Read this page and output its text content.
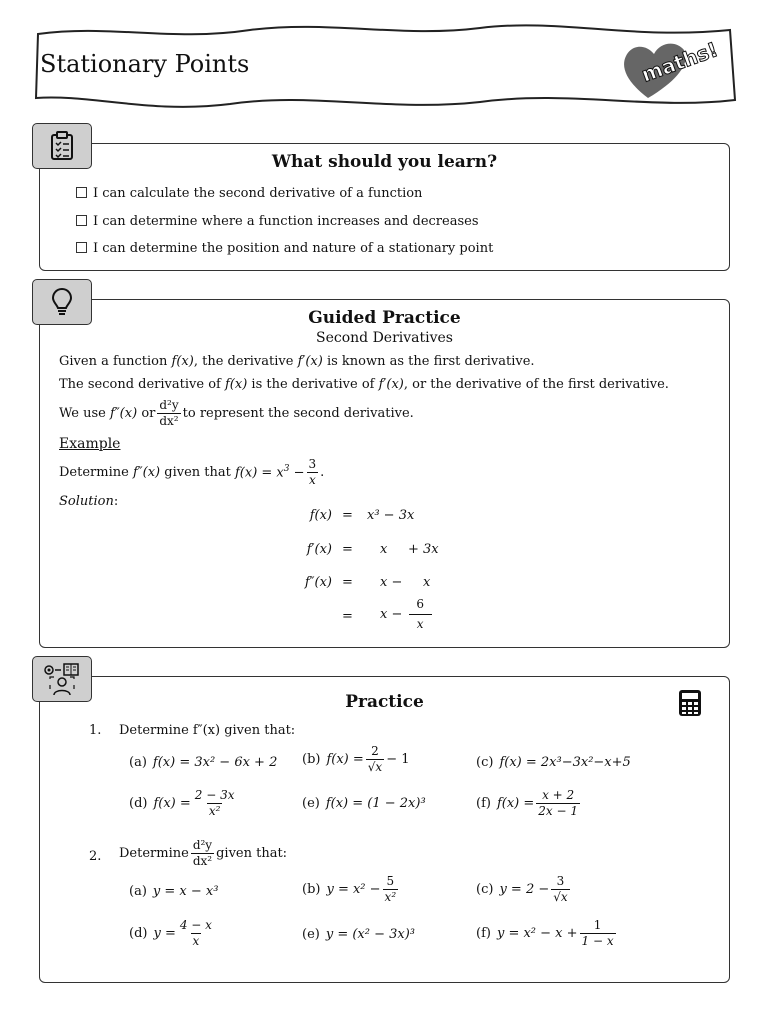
Stationary Points	maths!
What should you learn?
I can calculate the second derivative of a function
I can determine where a function increases and decreases
I can determine the position and nature of a stationary point
Guided Practice
Second Derivatives
Given a function f(x), the derivative f′(x) is known as the first derivative.
The second derivative of f(x) is the derivative of f′(x), or the derivative of the first derivative.
We use
f″(x)
or $\frac{\text{d²y}}{\text{dx²}}$ to represent the second derivative.
Example
Determine
f″(x)
given that
$f(x) = x^3 - \frac{3}{x}$ .
Solution:
f(x) = x³ − 3x
f′(x) = x     + 3x
f″(x) = x −     x
= $x - \frac{6}{x}$
Practice
1. Determine f″(x) given that:
(a) f(x) = 3x² − 6x + 2 (b) $f(x) = \frac{2}{√x} - 1$	(c) f(x) = 2x³−3x²−x+5
(d) $f(x) = \frac{2 - 3x}{\text{x²}}$	(e) f(x) = (1 − 2x)³	(f) $f(x) = \frac{x + 2}{2x - 1}$
2. Determine $\frac{\text{d²y}}{\text{dx²}}$ given that:
(a) y = x − x³	(b) $y = x^2 - \frac{5}{\text{x²}}$	(c) $y = 2 - \frac{3}{√x}$
(d) $y = \frac{4 - x}{x}$	(e) y = (x² − 3x)³	(f) $y = x^2 - x + \frac{1}{1 - x}$
